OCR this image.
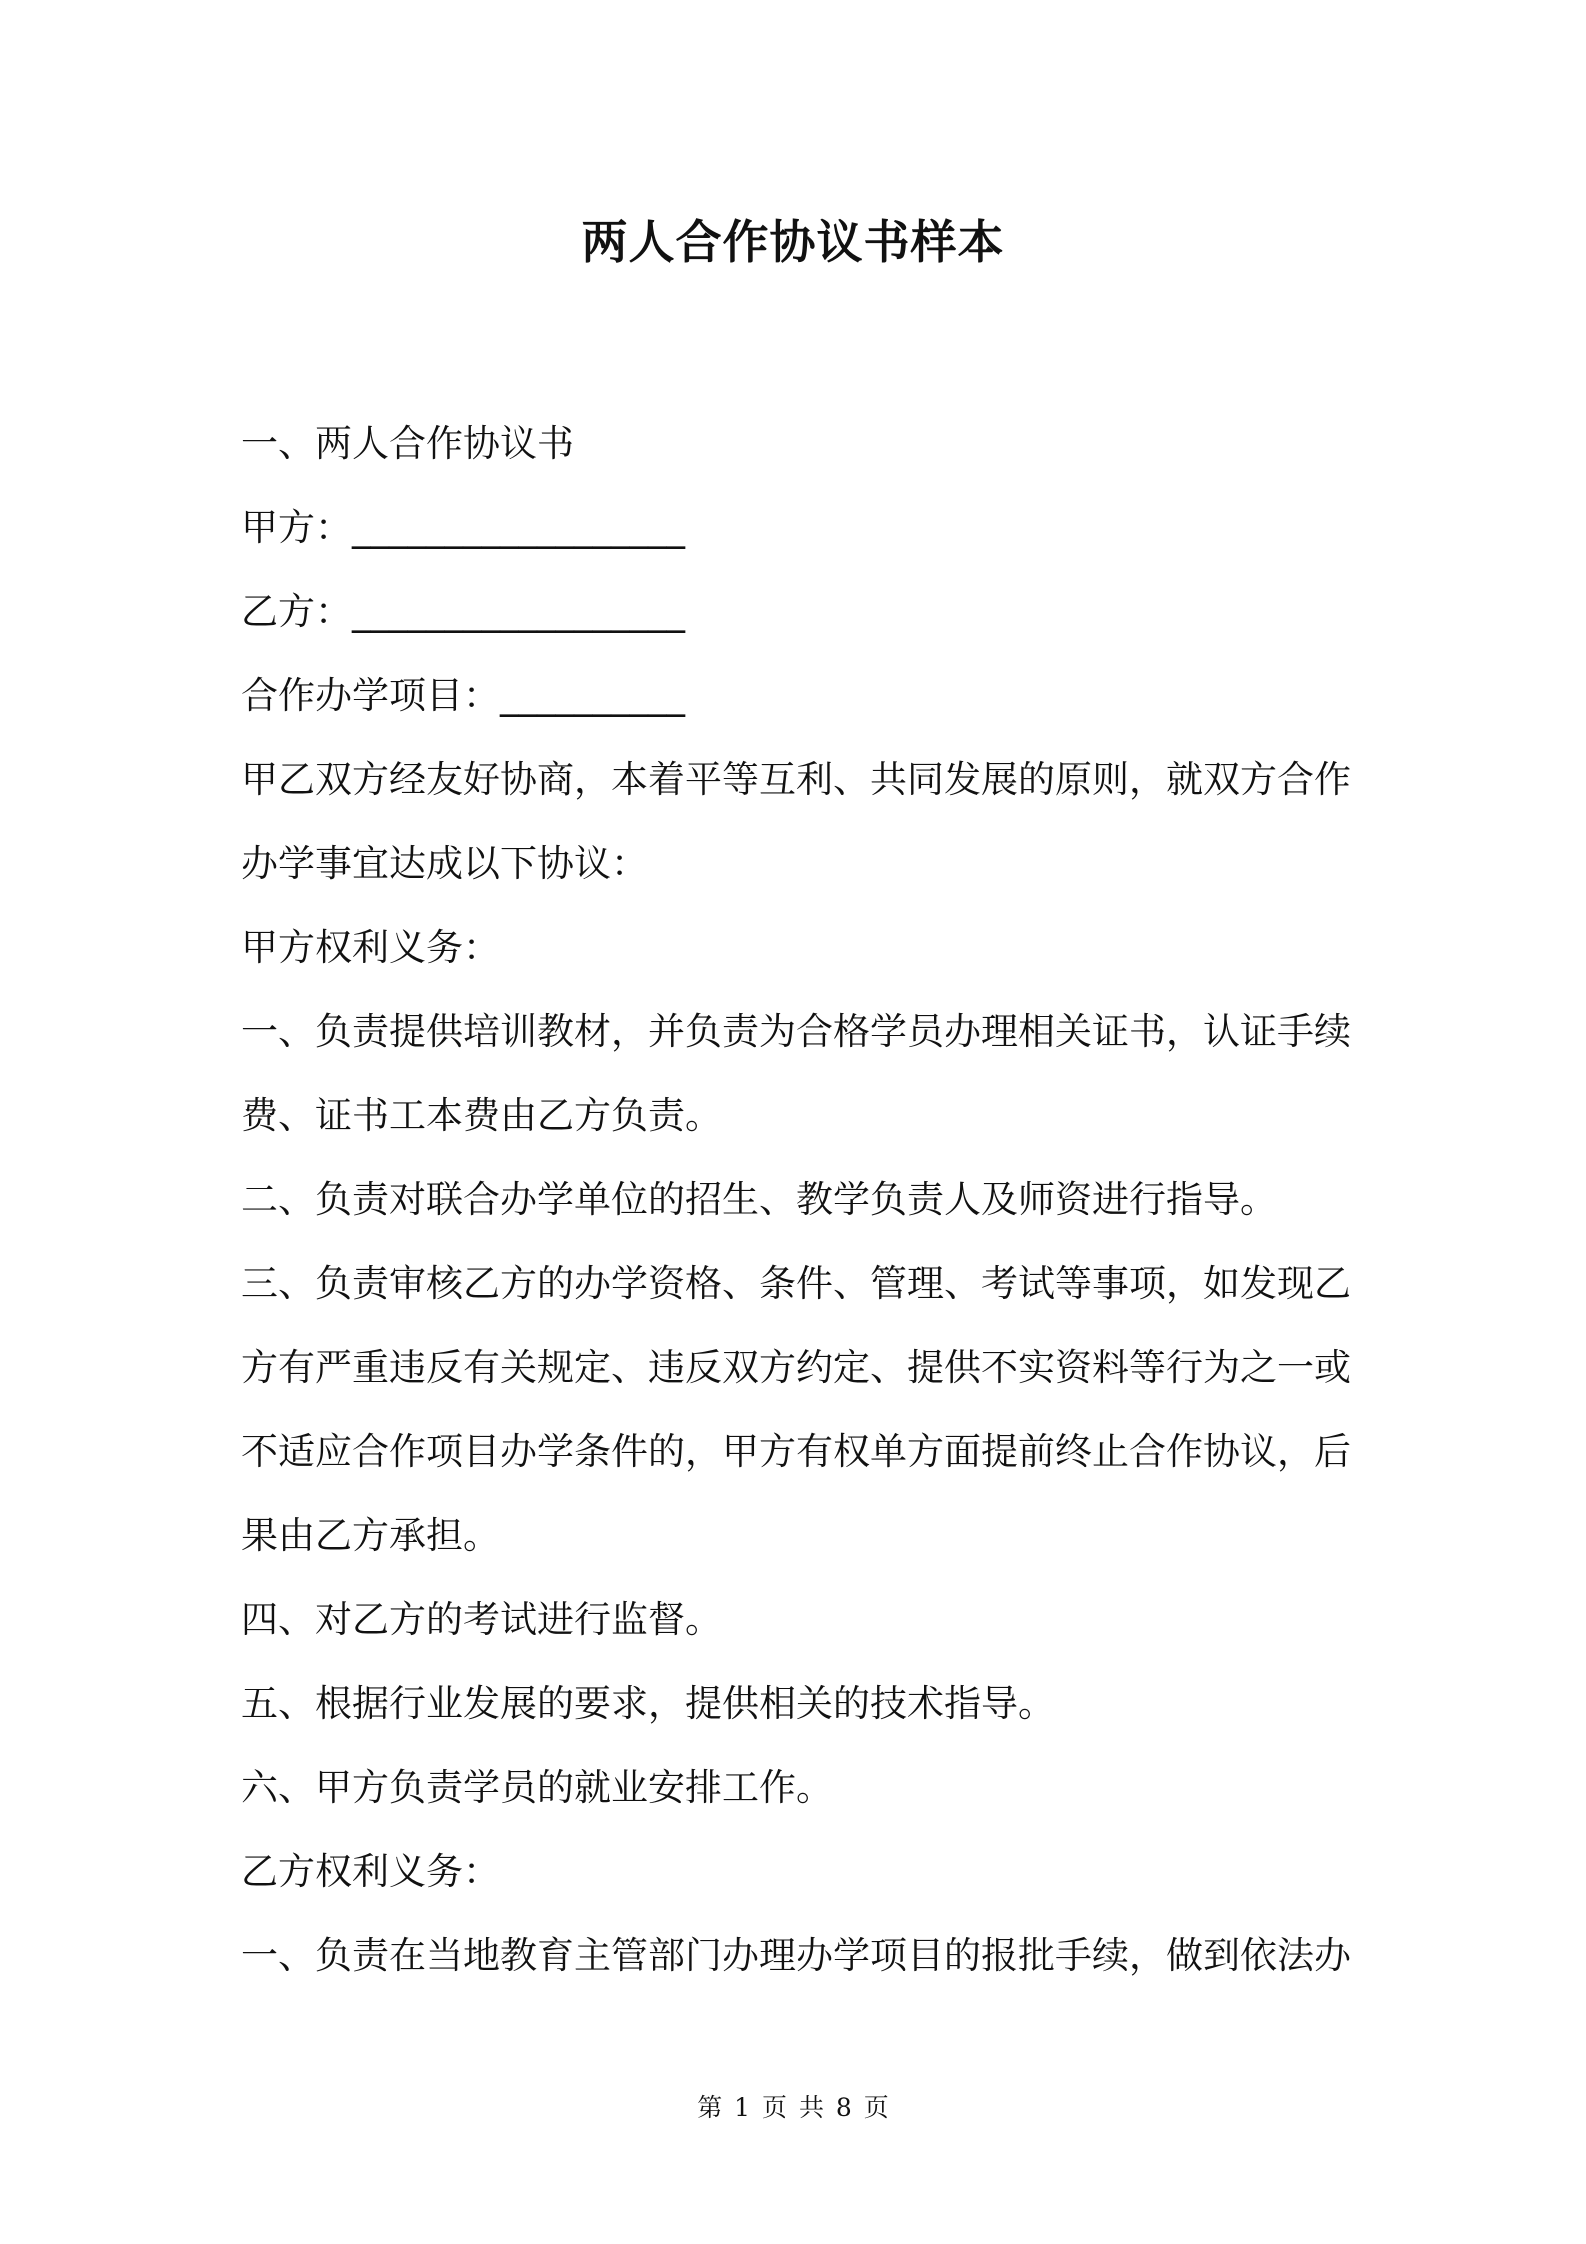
两人合作协议书样本
一、两人合作协议书
甲方：__________________
乙方：__________________
合作办学项目：__________
甲乙双方经友好协商，本着平等互利、共同发展的原则，就双方合作
办学事宜达成以下协议：
甲方权利义务：
一、负责提供培训教材，并负责为合格学员办理相关证书，认证手续
费、证书工本费由乙方负责。
二、负责对联合办学单位的招生、教学负责人及师资进行指导。
三、负责审核乙方的办学资格、条件、管理、考试等事项，如发现乙
方有严重违反有关规定、违反双方约定、提供不实资料等行为之一或
不适应合作项目办学条件的，甲方有权单方面提前终止合作协议，后
果由乙方承担。
四、对乙方的考试进行监督。
五、根据行业发展的要求，提供相关的技术指导。
六、甲方负责学员的就业安排工作。
乙方权利义务：
一、负责在当地教育主管部门办理办学项目的报批手续，做到依法办
第 1 页 共 8 页
